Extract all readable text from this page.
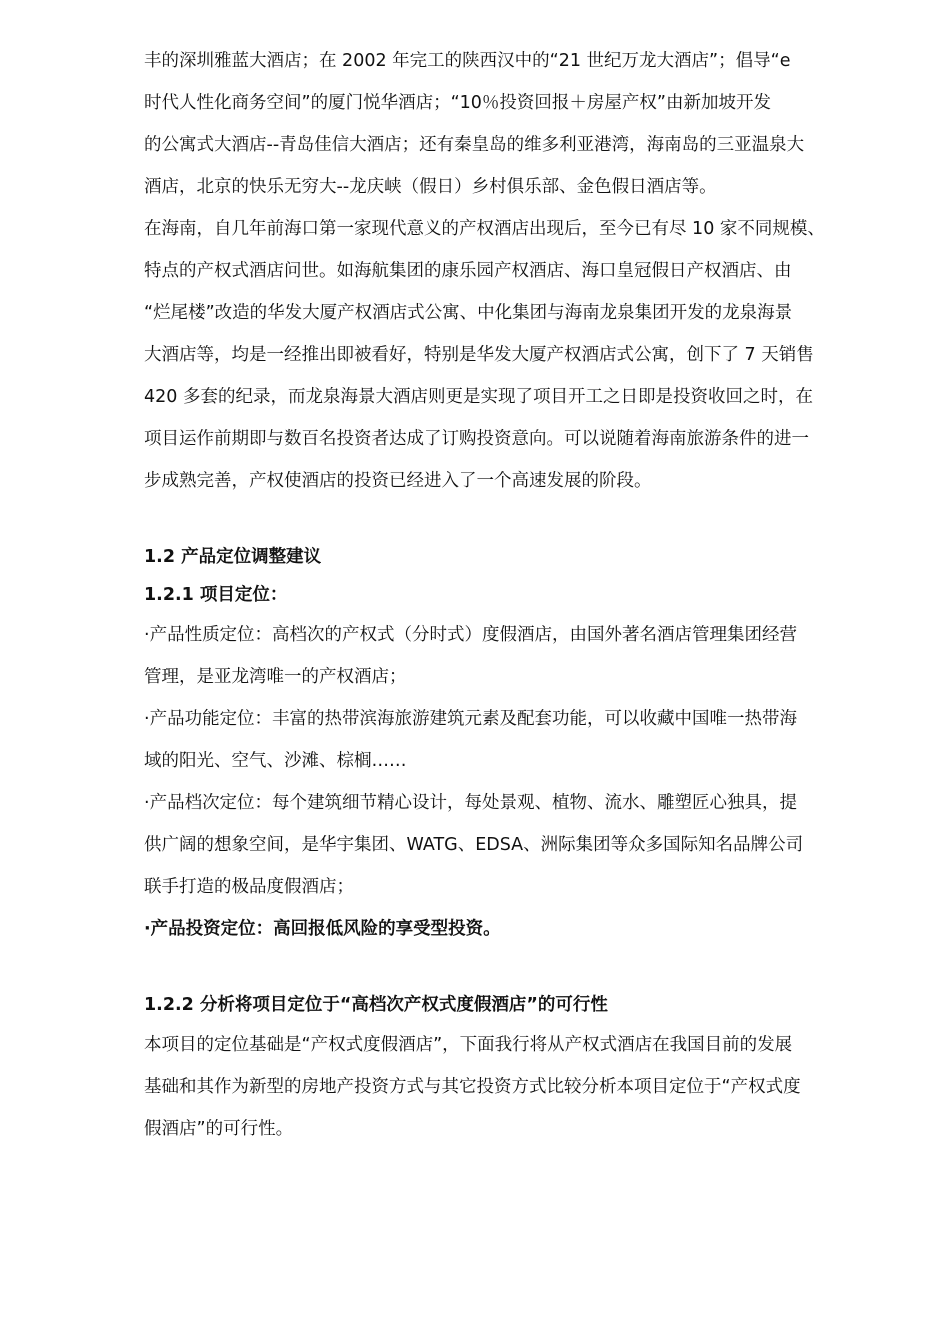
丰的深圳雅蓝大酒店；在 2002 年完工的陕西汉中的“21 世纪万龙大酒店”；倡导“e
时代人性化商务空间”的厦门悦华酒店；“10％投资回报＋房屋产权”由新加坡开发
的公寓式大酒店--青岛佳信大酒店；还有秦皇岛的维多利亚港湾，海南岛的三亚温泉大
酒店，北京的快乐无穷大--龙庆峡（假日）乡村俱乐部、金色假日酒店等。
在海南，自几年前海口第一家现代意义的产权酒店出现后，至今已有尽 10 家不同规模、
特点的产权式酒店问世。如海航集团的康乐园产权酒店、海口皇冠假日产权酒店、由
“烂尾楼”改造的华发大厦产权酒店式公寓、中化集团与海南龙泉集团开发的龙泉海景
大酒店等，均是一经推出即被看好，特别是华发大厦产权酒店式公寓，创下了 7 天销售
420 多套的纪录，而龙泉海景大酒店则更是实现了项目开工之日即是投资收回之时，在
项目运作前期即与数百名投资者达成了订购投资意向。可以说随着海南旅游条件的进一
步成熟完善，产权使酒店的投资已经进入了一个高速发展的阶段。
1.2 产品定位调整建议
1.2.1 项目定位：
·产品性质定位：高档次的产权式（分时式）度假酒店，由国外著名酒店管理集团经营
管理，是亚龙湾唯一的产权酒店；
·产品功能定位：丰富的热带滨海旅游建筑元素及配套功能，可以收藏中国唯一热带海
域的阳光、空气、沙滩、棕榈……
·产品档次定位：每个建筑细节精心设计，每处景观、植物、流水、雕塑匠心独具，提
供广阔的想象空间，是华宇集团、WATG、EDSA、洲际集团等众多国际知名品牌公司
联手打造的极品度假酒店；
·产品投资定位：高回报低风险的享受型投资。
1.2.2 分析将项目定位于“高档次产权式度假酒店”的可行性
本项目的定位基础是“产权式度假酒店”，下面我行将从产权式酒店在我国目前的发展
基础和其作为新型的房地产投资方式与其它投资方式比较分析本项目定位于“产权式度
假酒店”的可行性。
